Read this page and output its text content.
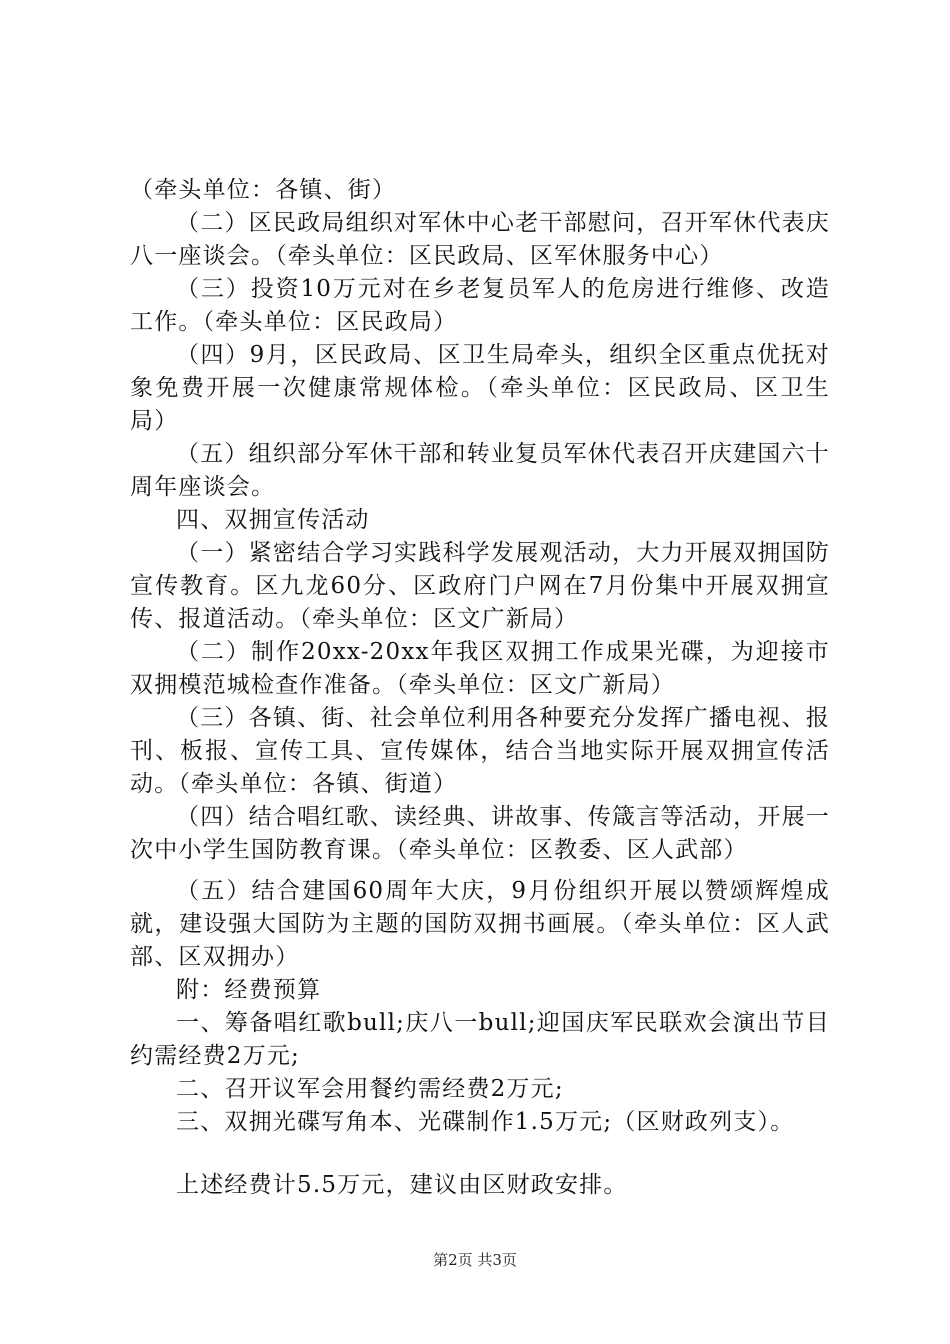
（牵头单位：各镇、街）

（二）区民政局组织对军休中心老干部慰问，召开军休代表庆八一座谈会。（牵头单位：区民政局、区军休服务中心）

（三）投资10万元对在乡老复员军人的危房进行维修、改造工作。（牵头单位：区民政局）

（四）9月，区民政局、区卫生局牵头，组织全区重点优抚对象免费开展一次健康常规体检。（牵头单位：区民政局、区卫生局）

（五）组织部分军休干部和转业复员军休代表召开庆建国六十周年座谈会。

四、双拥宣传活动

（一）紧密结合学习实践科学发展观活动，大力开展双拥国防宣传教育。区九龙60分、区政府门户网在7月份集中开展双拥宣传、报道活动。（牵头单位：区文广新局）

（二）制作20xx-20xx年我区双拥工作成果光碟，为迎接市双拥模范城检查作准备。（牵头单位：区文广新局）

（三）各镇、街、社会单位利用各种要充分发挥广播电视、报刊、板报、宣传工具、宣传媒体，结合当地实际开展双拥宣传活动。（牵头单位：各镇、街道）

（四）结合唱红歌、读经典、讲故事、传箴言等活动，开展一次中小学生国防教育课。（牵头单位：区教委、区人武部）

（五）结合建国60周年大庆，9月份组织开展以赞颂辉煌成就，建设强大国防为主题的国防双拥书画展。（牵头单位：区人武部、区双拥办）

附：经费预算

一、筹备唱红歌bull;庆八一bull;迎国庆军民联欢会演出节目约需经费2万元;

二、召开议军会用餐约需经费2万元;

三、双拥光碟写角本、光碟制作1.5万元;（区财政列支）。

上述经费计5.5万元，建议由区财政安排。

第2页 共3页
